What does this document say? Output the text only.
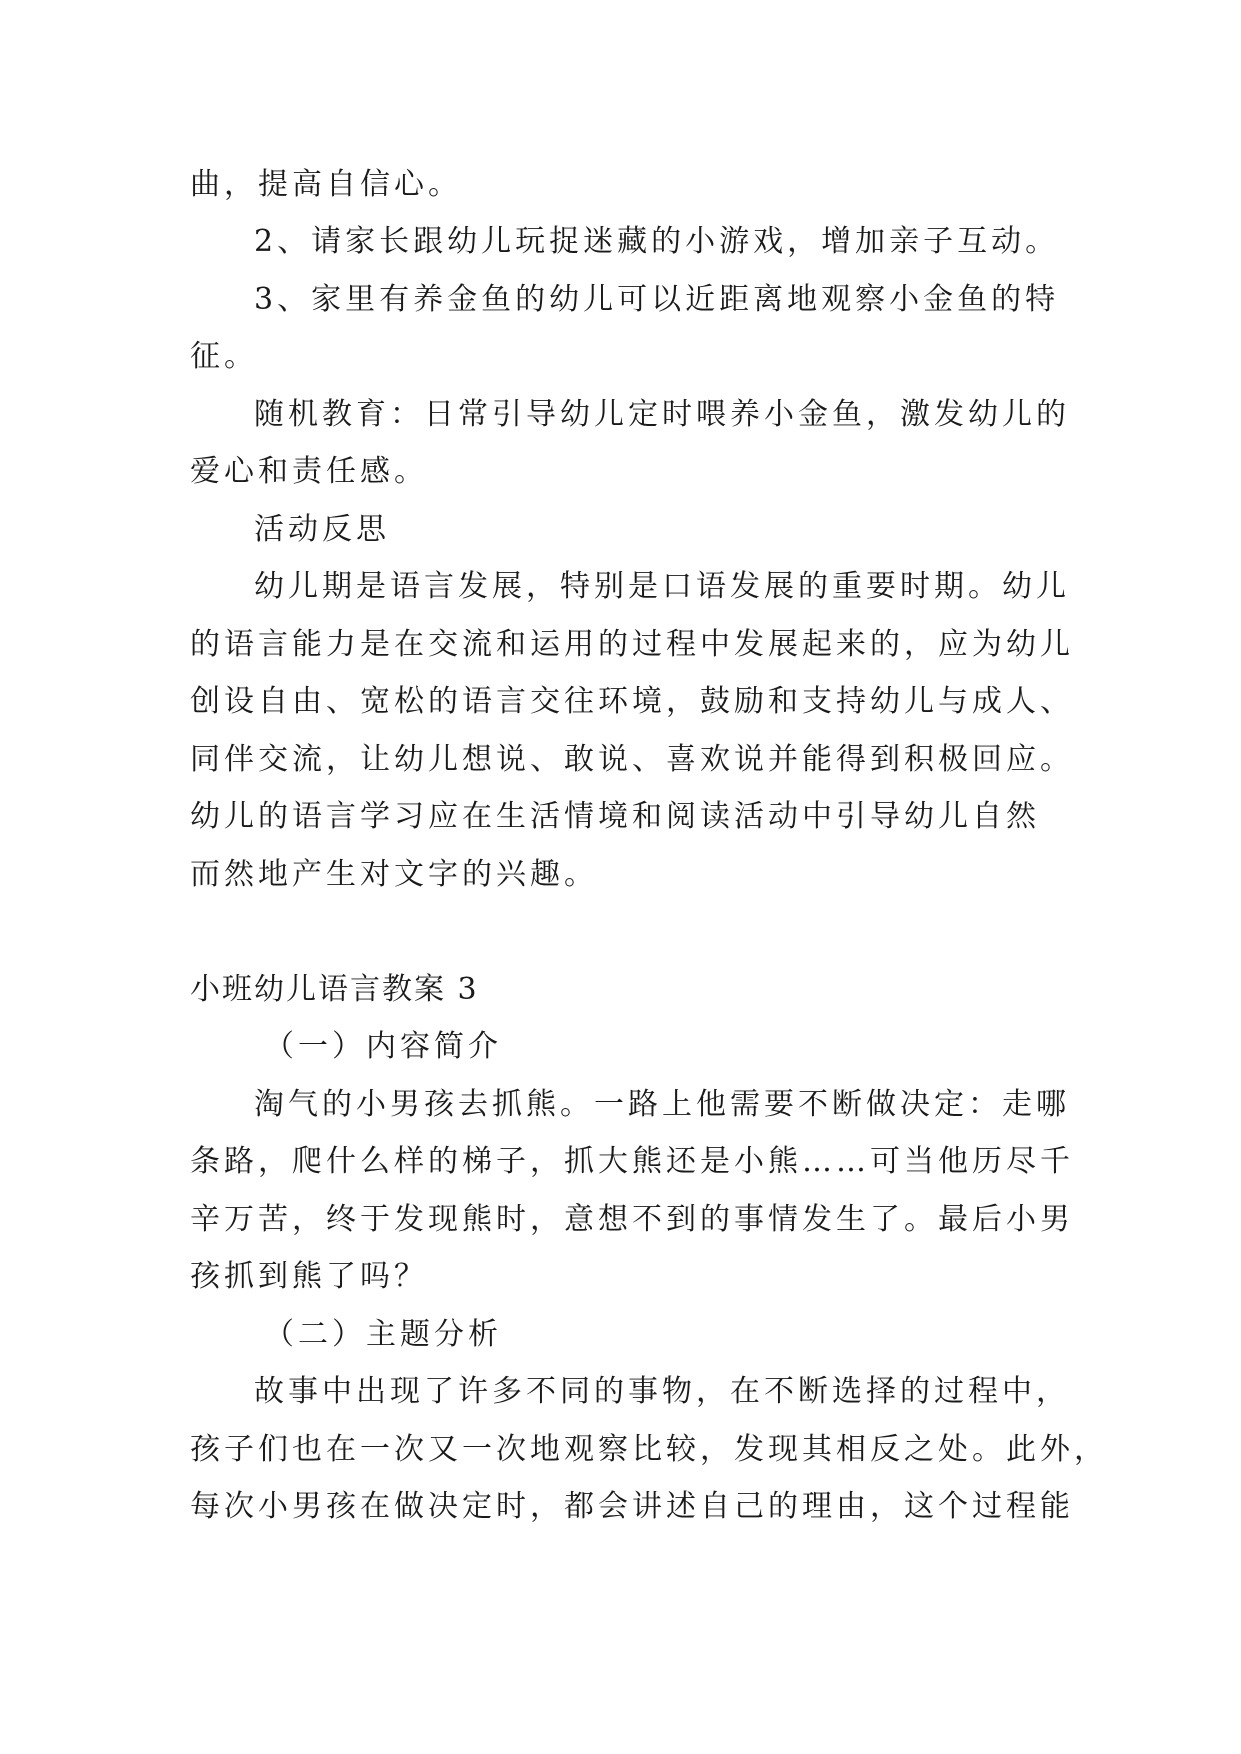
曲，提高自信心。
2、请家长跟幼儿玩捉迷藏的小游戏，增加亲子互动。
3、家里有养金鱼的幼儿可以近距离地观察小金鱼的特
征。
随机教育：日常引导幼儿定时喂养小金鱼，激发幼儿的
爱心和责任感。
活动反思
幼儿期是语言发展，特别是口语发展的重要时期。幼儿
的语言能力是在交流和运用的过程中发展起来的，应为幼儿
创设自由、宽松的语言交往环境，鼓励和支持幼儿与成人、
同伴交流，让幼儿想说、敢说、喜欢说并能得到积极回应。
幼儿的语言学习应在生活情境和阅读活动中引导幼儿自然
而然地产生对文字的兴趣。
小班幼儿语言教案 3
（一）内容简介
淘气的小男孩去抓熊。一路上他需要不断做决定：走哪
条路，爬什么样的梯子，抓大熊还是小熊……可当他历尽千
辛万苦，终于发现熊时，意想不到的事情发生了。最后小男
孩抓到熊了吗？
（二）主题分析
故事中出现了许多不同的事物，在不断选择的过程中，
孩子们也在一次又一次地观察比较，发现其相反之处。此外，
每次小男孩在做决定时，都会讲述自己的理由，这个过程能
